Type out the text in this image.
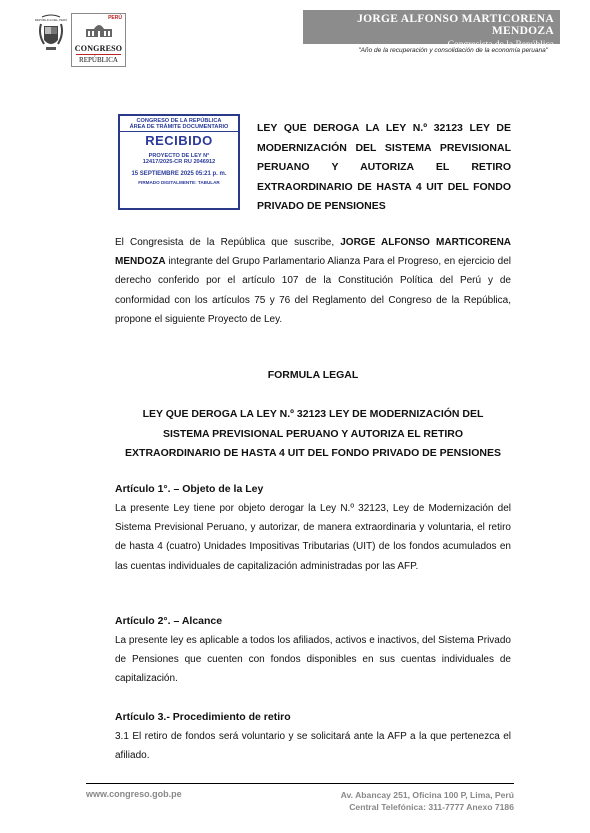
REPÚBLICA DEL PERÚ	PERÚ
CONGRESO
REPÚBLICA
JORGE ALFONSO MARTICORENA MENDOZA
Congresista de la República
"Año de la recuperación y consolidación de la economía peruana"
CONGRESO DE LA REPÚBLICA
ÁREA DE TRÁMITE DOCUMENTARIO
RECIBIDO
PROYECTO DE LEY N°
12417/2025-CR RU 2046912
15 SEPTIEMBRE 2025 05:21 p. m.
FIRMADO DIGITALMENTE: TABULAR
LEY QUE DEROGA LA LEY N.º 32123 LEY DE MODERNIZACIÓN DEL SISTEMA PREVISIONAL PERUANO Y AUTORIZA EL RETIRO EXTRAORDINARIO DE HASTA 4 UIT DEL FONDO PRIVADO DE PENSIONES
El Congresista de la República que suscribe, JORGE ALFONSO MARTICORENA MENDOZA integrante del Grupo Parlamentario Alianza Para el Progreso, en ejercicio del derecho conferido por el artículo 107 de la Constitución Política del Perú y de conformidad con los artículos 75 y 76 del Reglamento del Congreso de la República, propone el siguiente Proyecto de Ley.
FORMULA LEGAL
LEY QUE DEROGA LA LEY N.º 32123 LEY DE MODERNIZACIÓN DEL
SISTEMA PREVISIONAL PERUANO Y AUTORIZA EL RETIRO
EXTRAORDINARIO DE HASTA 4 UIT DEL FONDO PRIVADO DE PENSIONES
Artículo 1°. – Objeto de la Ley
La presente Ley tiene por objeto derogar la Ley N.º 32123, Ley de Modernización del Sistema Previsional Peruano, y autorizar, de manera extraordinaria y voluntaria, el retiro de hasta 4 (cuatro) Unidades Impositivas Tributarias (UIT) de los fondos acumulados en las cuentas individuales de capitalización administradas por las AFP.
Artículo 2°. – Alcance
La presente ley es aplicable a todos los afiliados, activos e inactivos, del Sistema Privado de Pensiones que cuenten con fondos disponibles en sus cuentas individuales de capitalización.
Artículo 3.- Procedimiento de retiro
3.1 El retiro de fondos será voluntario y se solicitará ante la AFP a la que pertenezca el afiliado.
www.congreso.gob.pe	Av. Abancay 251, Oficina 100 P, Lima, Perú
Central Telefónica: 311-7777 Anexo 7186
